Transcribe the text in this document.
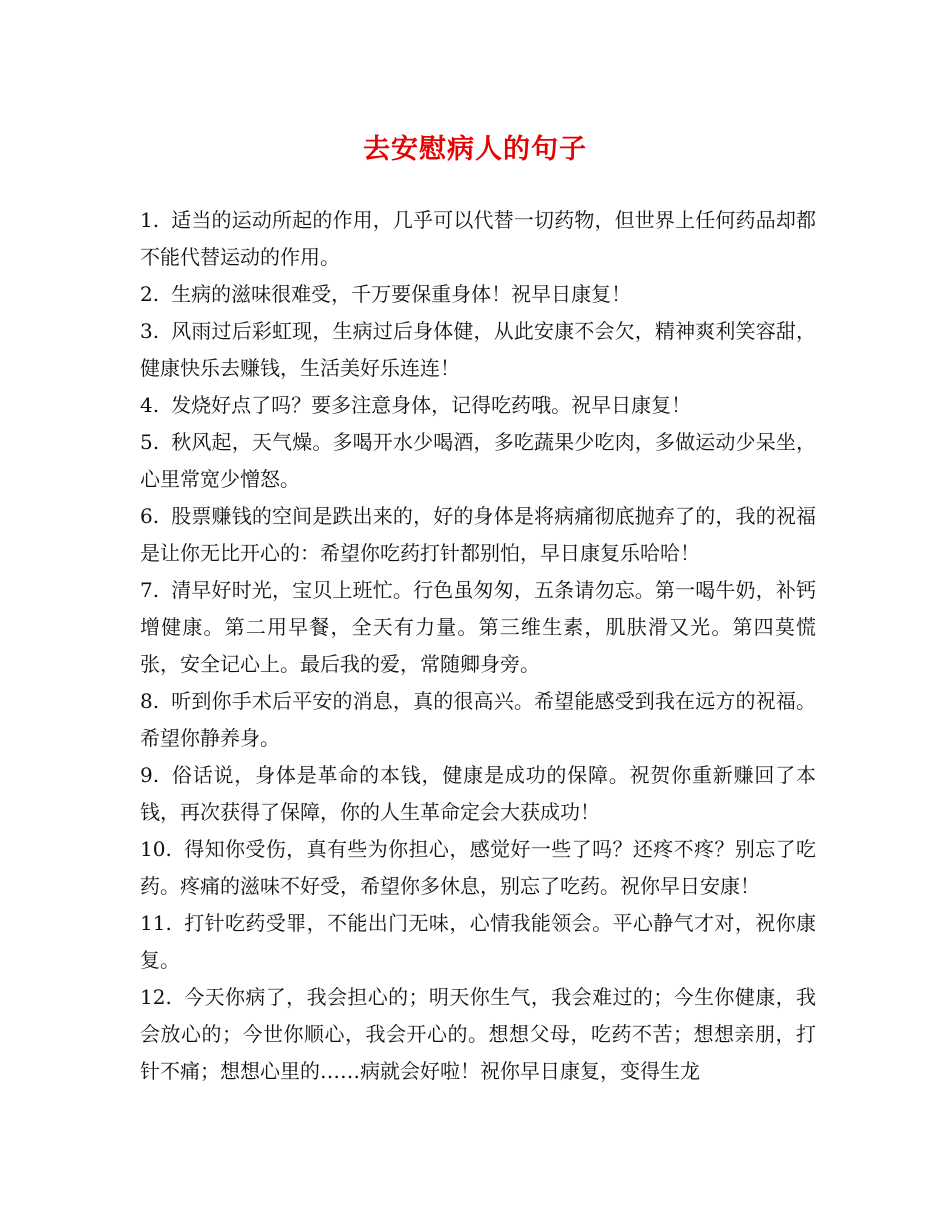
去安慰病人的句子

1. 适当的运动所起的作用，几乎可以代替一切药物，但世界上任何药品却都不能代替运动的作用。

2. 生病的滋味很难受，千万要保重身体！祝早日康复！

3. 风雨过后彩虹现，生病过后身体健，从此安康不会欠，精神爽利笑容甜，健康快乐去赚钱，生活美好乐连连！

4. 发烧好点了吗？要多注意身体，记得吃药哦。祝早日康复！

5. 秋风起，天气燥。多喝开水少喝酒，多吃蔬果少吃肉，多做运动少呆坐，心里常宽少憎怒。

6. 股票赚钱的空间是跌出来的，好的身体是将病痛彻底抛弃了的，我的祝福是让你无比开心的：希望你吃药打针都别怕，早日康复乐哈哈！

7. 清早好时光，宝贝上班忙。行色虽匆匆，五条请勿忘。第一喝牛奶，补钙增健康。第二用早餐，全天有力量。第三维生素，肌肤滑又光。第四莫慌张，安全记心上。最后我的爱，常随卿身旁。

8. 听到你手术后平安的消息，真的很高兴。希望能感受到我在远方的祝福。希望你静养身。

9. 俗话说，身体是革命的本钱，健康是成功的保障。祝贺你重新赚回了本钱，再次获得了保障，你的人生革命定会大获成功！

10. 得知你受伤，真有些为你担心，感觉好一些了吗？还疼不疼？别忘了吃药。疼痛的滋味不好受，希望你多休息，别忘了吃药。祝你早日安康！

11. 打针吃药受罪，不能出门无味，心情我能领会。平心静气才对，祝你康复。

12. 今天你病了，我会担心的；明天你生气，我会难过的；今生你健康，我会放心的；今世你顺心，我会开心的。想想父母，吃药不苦；想想亲朋，打针不痛；想想心里的……病就会好啦！祝你早日康复，变得生龙
